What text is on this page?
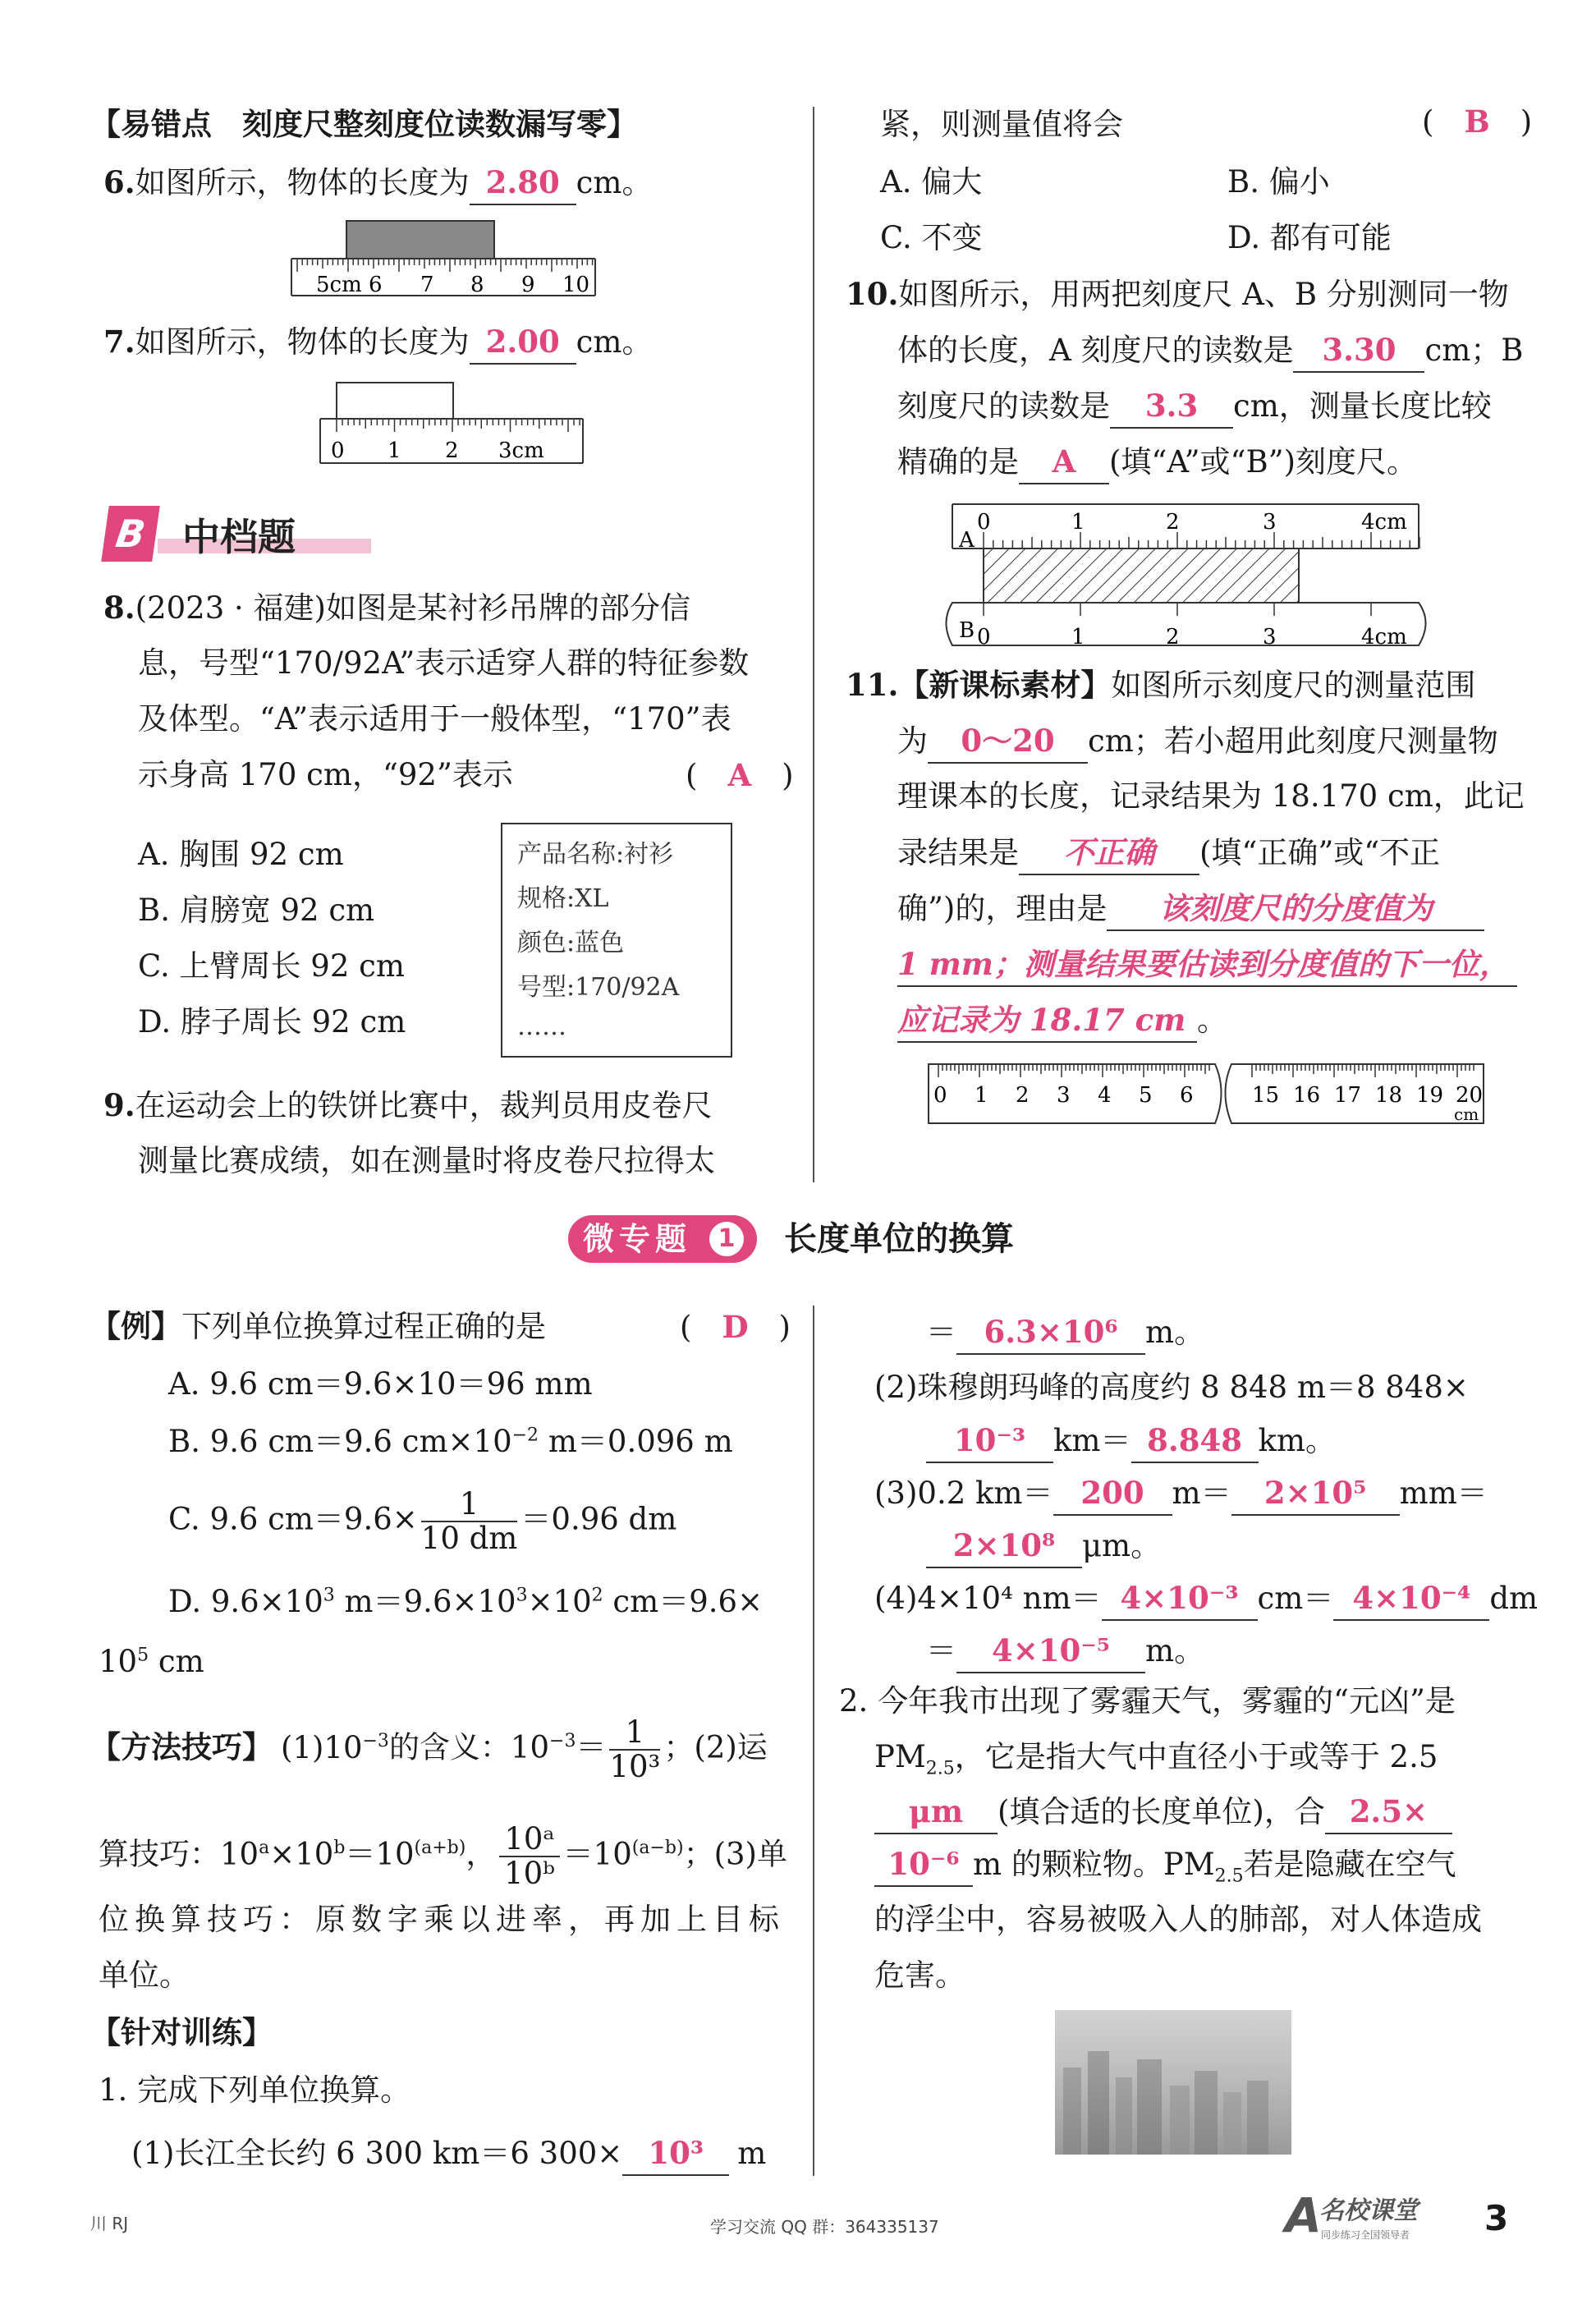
【易错点　刻度尺整刻度位读数漏写零】
6.如图所示，物体的长度为 2.80 cm。
5cm 6 7 8 9 10
7.如图所示，物体的长度为 2.00 cm。
0 1 2 3cm
B 中档题
8.(2023 · 福建)如图是某衬衫吊牌的部分信
息，号型“170/92A”表示适穿人群的特征参数
及体型。“A”表示适用于一般体型，“170”表
示身高 170 cm，“92”表示	(　A　)
A. 胸围 92 cm
B. 肩膀宽 92 cm
C. 上臂周长 92 cm
D. 脖子周长 92 cm
产品名称:衬衫
规格:XL
颜色:蓝色
号型:170/92A
……
9.在运动会上的铁饼比赛中，裁判员用皮卷尺
测量比赛成绩，如在测量时将皮卷尺拉得太
紧，则测量值将会	(　B　)
A. 偏大	B. 偏小
C. 不变	D. 都有可能
10.如图所示，用两把刻度尺 A、B 分别测同一物
体的长度，A 刻度尺的读数是 3.30 cm；B
刻度尺的读数是 3.3 cm，测量长度比较
精确的是 A (填“A”或“B”)刻度尺。
A
0	1	2	3	4cm
B 0	1	2	3	4cm
11.【新课标素材】如图所示刻度尺的测量范围
为 0～20 cm；若小超用此刻度尺测量物
理课本的长度，记录结果为 18.170 cm，此记
录结果是 不正确 (填“正确”或“不正
确”)的，理由是 该刻度尺的分度值为
1 mm；测量结果要估读到分度值的下一位，
应记录为 18.17 cm 。
0 1 2 3 4 5 6	15 16 17 18 19 20
cm
微专题	1 长度单位的换算
【例】下列单位换算过程正确的是	(　D　)
A. 9.6 cm＝9.6×10＝96 mm
B. 9.6 cm＝9.6 $cm\times 10^{-2}$ m＝0.096 m
C. 9.6 $cm=9.6\times \frac{1}{10 dm} =0.96$ dm
D. $9.6\times 10^3$ $m=9.6\times 10^3\times 10^2$ cm＝9.6×
$10^5$ cm
【方法技巧】 $(1)10^{-3}$的含义：$10^{-3}= \frac{1}{\text{10³}}$ ；(2)运
算技巧：$10^a\times 10^b=10^{(a+b)}$， $\frac{\text{10ᵃ}}{\text{10ᵇ}} =10^{(a-b)}$；(3)单
位换算技巧：原数字乘以进率，再加上目标
单位。
【针对训练】
1. 完成下列单位换算。
(1)长江全长约 6 300 km＝6 300× 10³ m
＝ 6.3×10⁶ m。
(2)珠穆朗玛峰的高度约 8 848 m＝8 848×
10⁻³ km＝ 8.848 km。
(3)0.2 km＝ 200 m＝ 2×10⁵ mm＝
2×10⁸ μm。
(4)4×10⁴ nm＝ 4×10⁻³ cm＝ 4×10⁻⁴ dm
＝ 4×10⁻⁵ m。
2. 今年我市出现了雾霾天气，雾霾的“元凶”是
$PM_{2.5}$，它是指大气中直径小于或等于 2.5
μm (填合适的长度单位)，合 2.5×
10⁻⁶ m 的颗粒物。$PM_{2.5}$若是隐藏在空气
的浮尘中，容易被吸入人的肺部，对人体造成
危害。
川 RJ	学习交流 QQ 群：364335137	A
名校课堂
同步练习全国领导者 3
